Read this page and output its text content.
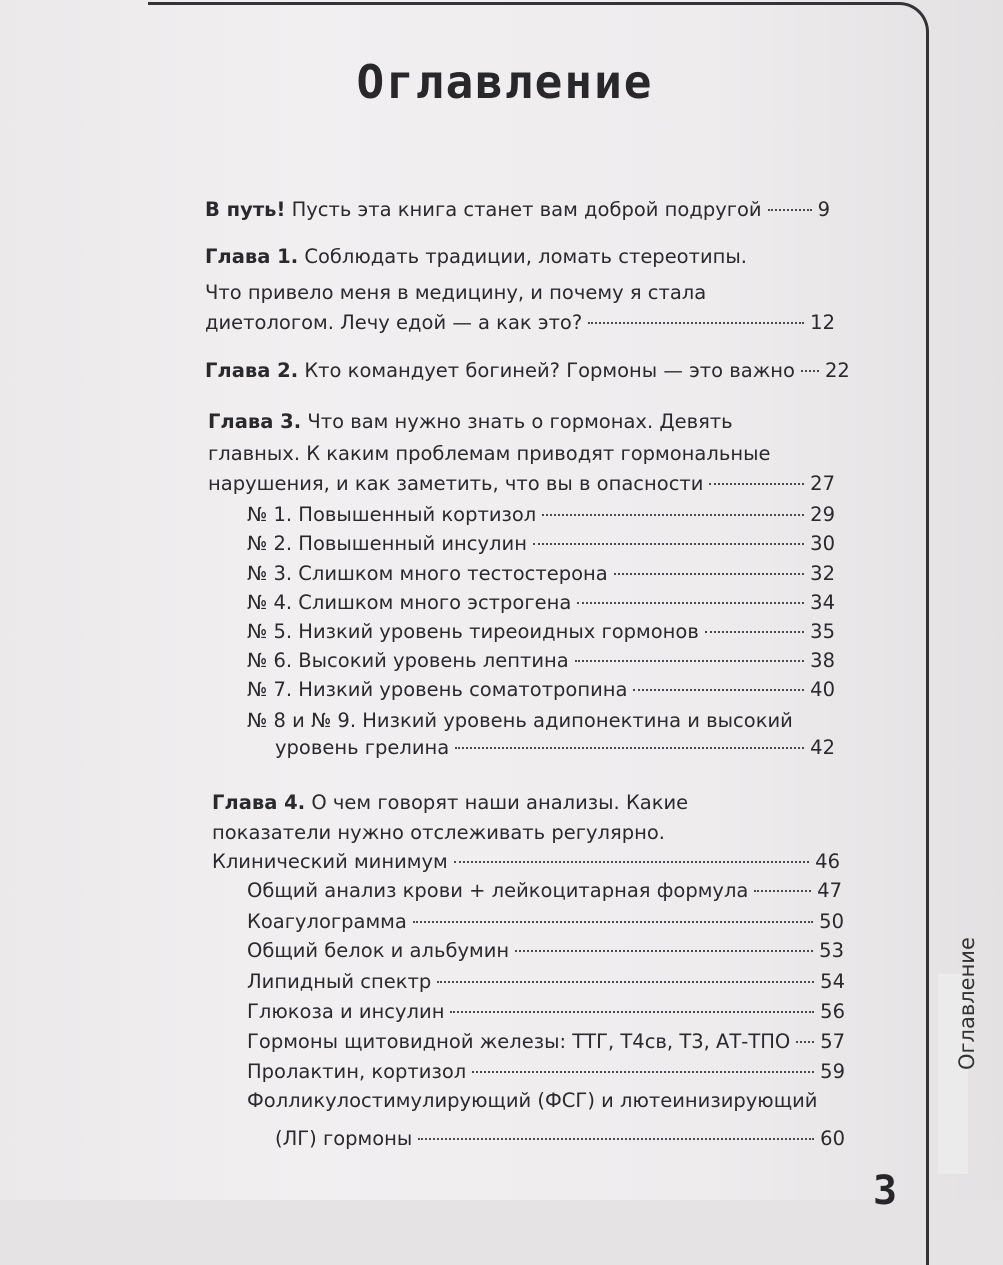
Оглавление
3
Оглавление
В путь! Пусть эта книга станет вам доброй подругой	9
Глава 1. Соблюдать традиции, ломать стереотипы.
Что привело меня в медицину, и почему я стала
диетологом. Лечу едой — а как это?	12
Глава 2. Кто командует богиней? Гормоны — это важно 22
Глава 3. Что вам нужно знать о гормонах. Девять
главных. К каким проблемам приводят гормональные
нарушения, и как заметить, что вы в опасности	27
№ 1. Повышенный кортизол	29
№ 2. Повышенный инсулин	30
№ 3. Слишком много тестостерона	32
№ 4. Слишком много эстрогена	34
№ 5. Низкий уровень тиреоидных гормонов	35
№ 6. Высокий уровень лептина	38
№ 7. Низкий уровень соматотропина	40
№ 8 и № 9. Низкий уровень адипонектина и высокий
уровень грелина	42
Глава 4. О чем говорят наши анализы. Какие
показатели нужно отслеживать регулярно.
Клинический минимум	46
Общий анализ крови + лейкоцитарная формула	47
Коагулограмма	50
Общий белок и альбумин	53
Липидный спектр	54
Глюкоза и инсулин	56
Гормоны щитовидной железы: ТТГ, Т4св, Т3, АТ-ТПО 57
Пролактин, кортизол	59
Фолликулостимулирующий (ФСГ) и лютеинизирующий
(ЛГ) гормоны	60
